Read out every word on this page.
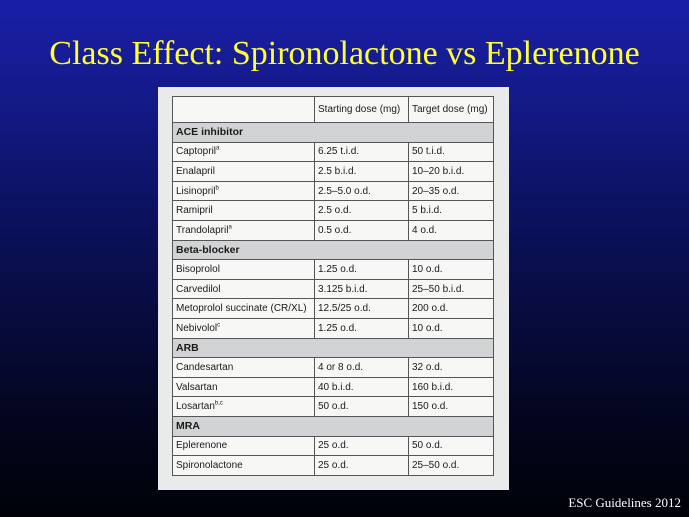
Class Effect: Spironolactone vs Eplerenone
	Starting dose (mg)	Target dose (mg)
ACE inhibitor		
Captopril$^a$	6.25 t.i.d.	50 t.i.d.
Enalapril	2.5 b.i.d.	10–20 b.i.d.
Lisinopril$^b$	2.5–5.0 o.d.	20–35 o.d.
Ramipril	2.5 o.d.	5 b.i.d.
Trandolapril$^a$	0.5 o.d.	4 o.d.
Beta-blocker		
Bisoprolol	1.25 o.d.	10 o.d.
Carvedilol	3.125 b.i.d.	25–50 b.i.d.
Metoprolol succinate (CR/XL)	12.5/25 o.d.	200 o.d.
Nebivolol$^c$	1.25 o.d.	10 o.d.
ARB		
Candesartan	4 or 8 o.d.	32 o.d.
Valsartan	40 b.i.d.	160 b.i.d.
Losartan$^{b,c}$	50 o.d.	150 o.d.
MRA		
Eplerenone	25 o.d.	50 o.d.
Spironolactone	25 o.d.	25–50 o.d.
ESC Guidelines 2012
